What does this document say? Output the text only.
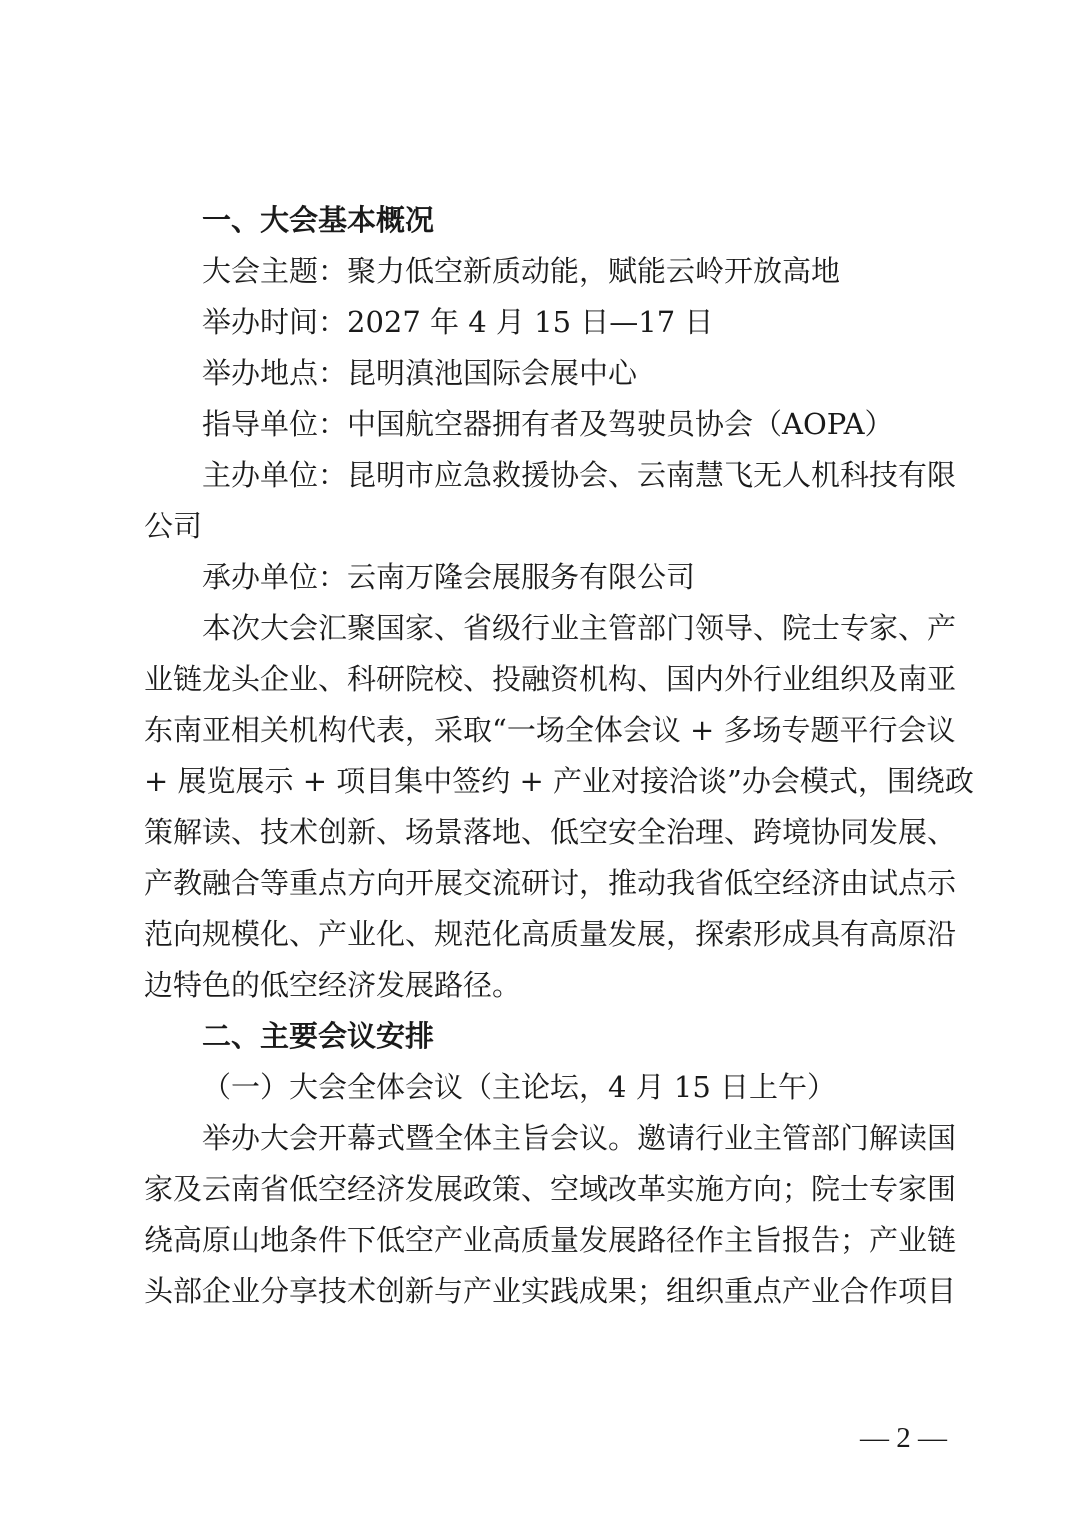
一、大会基本概况
大会主题：聚力低空新质动能，赋能云岭开放高地
举办时间：2027 年 4 月 15 日—17 日
举办地点：昆明滇池国际会展中心
指导单位：中国航空器拥有者及驾驶员协会（AOPA）
主办单位：昆明市应急救援协会、云南慧飞无人机科技有限
公司
承办单位：云南万隆会展服务有限公司
本次大会汇聚国家、省级行业主管部门领导、院士专家、产
业链龙头企业、科研院校、投融资机构、国内外行业组织及南亚
东南亚相关机构代表，采取“一场全体会议 + 多场专题平行会议
+ 展览展示 + 项目集中签约 + 产业对接洽谈”办会模式，围绕政
策解读、技术创新、场景落地、低空安全治理、跨境协同发展、
产教融合等重点方向开展交流研讨，推动我省低空经济由试点示
范向规模化、产业化、规范化高质量发展，探索形成具有高原沿
边特色的低空经济发展路径。
二、主要会议安排
（一）大会全体会议（主论坛，4 月 15 日上午）
举办大会开幕式暨全体主旨会议。邀请行业主管部门解读国
家及云南省低空经济发展政策、空域改革实施方向；院士专家围
绕高原山地条件下低空产业高质量发展路径作主旨报告；产业链
头部企业分享技术创新与产业实践成果；组织重点产业合作项目
— 2 —
